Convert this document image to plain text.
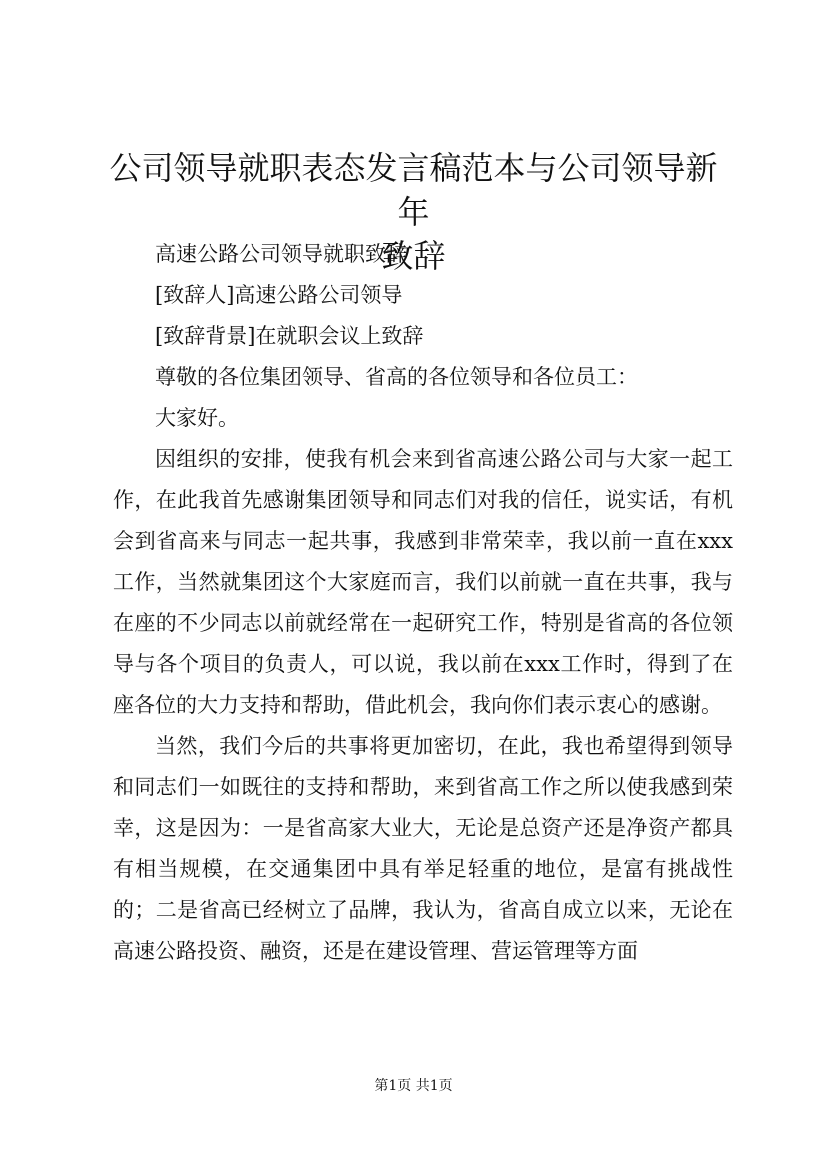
公司领导就职表态发言稿范本与公司领导新年
致辞

高速公路公司领导就职致辞

[致辞人]高速公路公司领导

[致辞背景]在就职会议上致辞

尊敬的各位集团领导、省高的各位领导和各位员工：

大家好。

因组织的安排，使我有机会来到省高速公路公司与大家一起工作，在此我首先感谢集团领导和同志们对我的信任，说实话，有机会到省高来与同志一起共事，我感到非常荣幸，我以前一直在xxx工作，当然就集团这个大家庭而言，我们以前就一直在共事，我与在座的不少同志以前就经常在一起研究工作，特别是省高的各位领导与各个项目的负责人，可以说，我以前在xxx工作时，得到了在座各位的大力支持和帮助，借此机会，我向你们表示衷心的感谢。

当然，我们今后的共事将更加密切，在此，我也希望得到领导和同志们一如既往的支持和帮助，来到省高工作之所以使我感到荣幸，这是因为：一是省高家大业大，无论是总资产还是净资产都具有相当规模，在交通集团中具有举足轻重的地位，是富有挑战性的；二是省高已经树立了品牌，我认为，省高自成立以来，无论在高速公路投资、融资，还是在建设管理、营运管理等方面

第1页 共1页
